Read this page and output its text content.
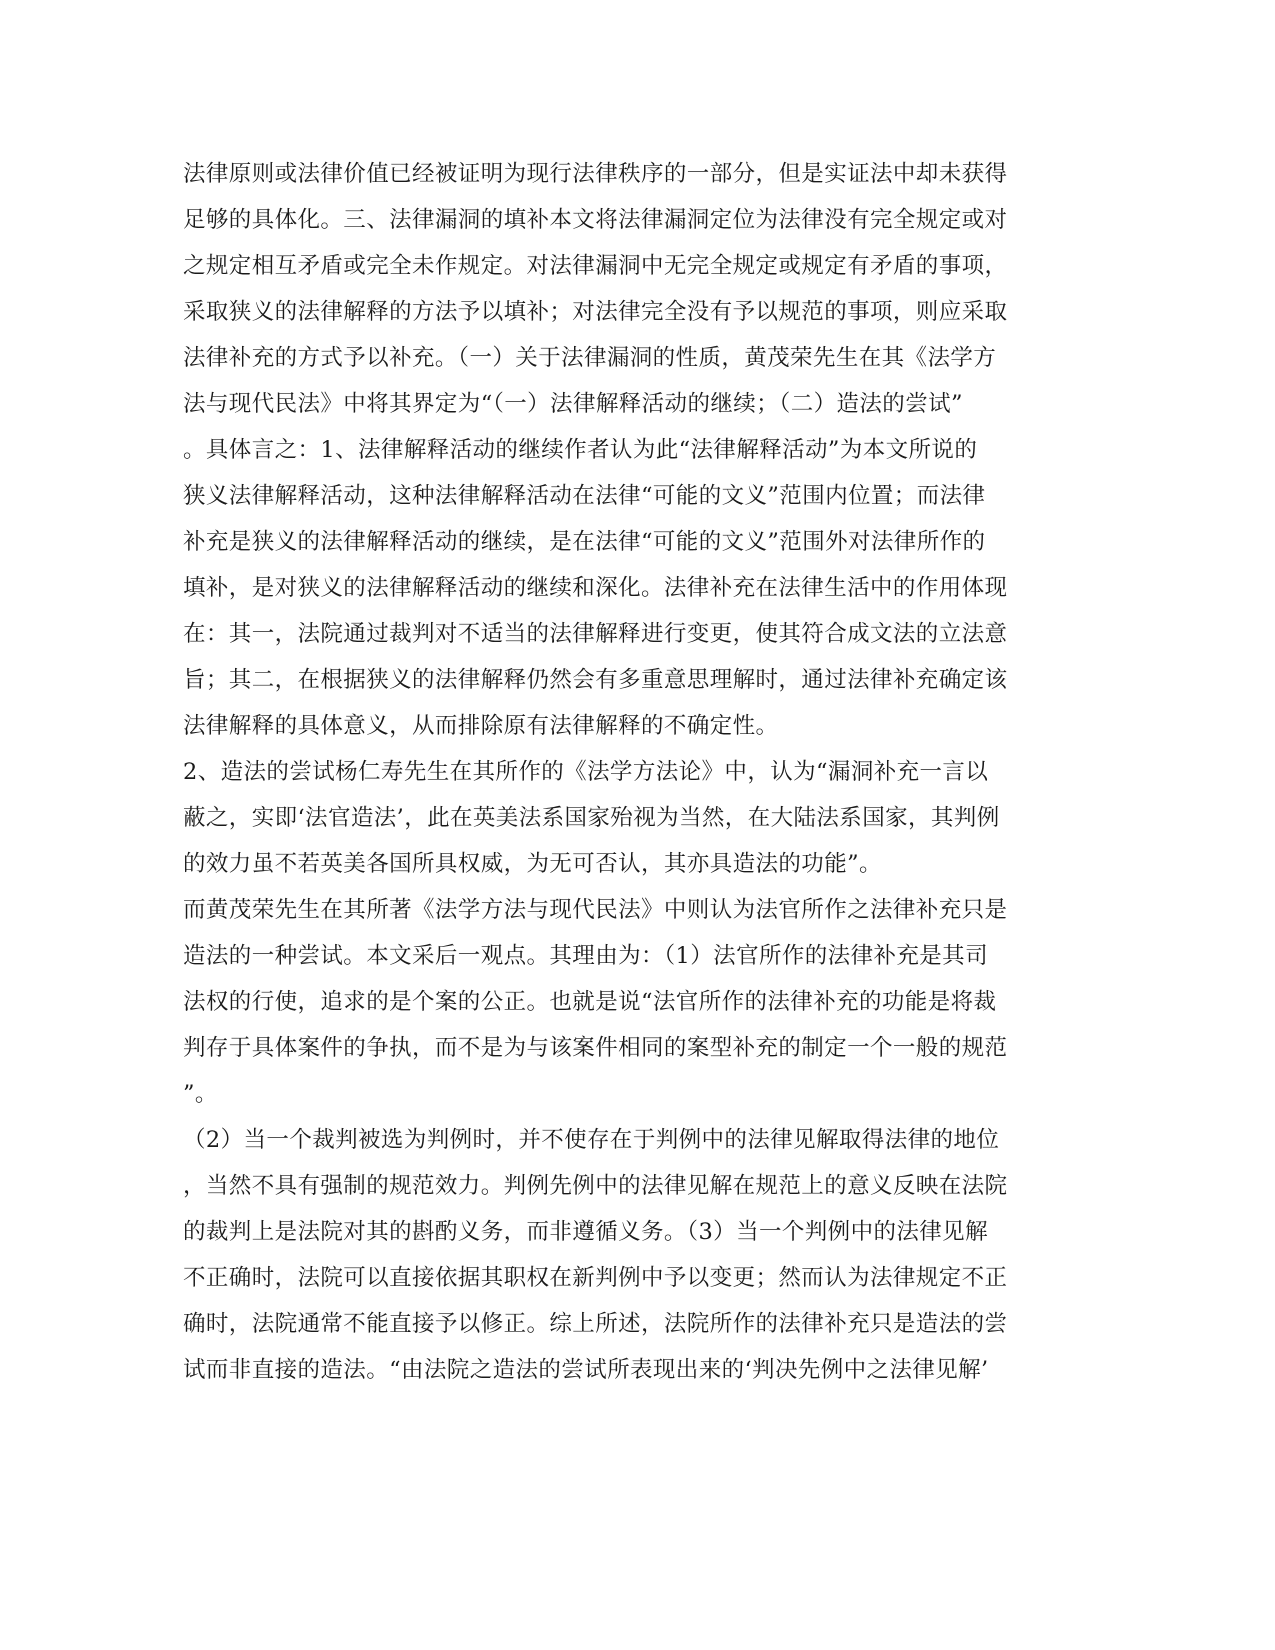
法律原则或法律价值已经被证明为现行法律秩序的一部分，但是实证法中却未获得
足够的具体化。三、法律漏洞的填补本文将法律漏洞定位为法律没有完全规定或对
之规定相互矛盾或完全未作规定。对法律漏洞中无完全规定或规定有矛盾的事项，
采取狭义的法律解释的方法予以填补；对法律完全没有予以规范的事项，则应采取
法律补充的方式予以补充。（一）关于法律漏洞的性质，黄茂荣先生在其《法学方
法与现代民法》中将其界定为“（一）法律解释活动的继续；（二）造法的尝试”
。具体言之：1、法律解释活动的继续作者认为此“法律解释活动”为本文所说的
狭义法律解释活动，这种法律解释活动在法律“可能的文义”范围内位置；而法律
补充是狭义的法律解释活动的继续，是在法律“可能的文义”范围外对法律所作的
填补，是对狭义的法律解释活动的继续和深化。法律补充在法律生活中的作用体现
在：其一，法院通过裁判对不适当的法律解释进行变更，使其符合成文法的立法意
旨；其二，在根据狭义的法律解释仍然会有多重意思理解时，通过法律补充确定该
法律解释的具体意义，从而排除原有法律解释的不确定性。
2、造法的尝试杨仁寿先生在其所作的《法学方法论》中，认为“漏洞补充一言以
蔽之，实即‘法官造法’，此在英美法系国家殆视为当然，在大陆法系国家，其判例
的效力虽不若英美各国所具权威，为无可否认，其亦具造法的功能”。
而黄茂荣先生在其所著《法学方法与现代民法》中则认为法官所作之法律补充只是
造法的一种尝试。本文采后一观点。其理由为：（1）法官所作的法律补充是其司
法权的行使，追求的是个案的公正。也就是说“法官所作的法律补充的功能是将裁
判存于具体案件的争执，而不是为与该案件相同的案型补充的制定一个一般的规范
”。
（2）当一个裁判被选为判例时，并不使存在于判例中的法律见解取得法律的地位
，当然不具有强制的规范效力。判例先例中的法律见解在规范上的意义反映在法院
的裁判上是法院对其的斟酌义务，而非遵循义务。（3）当一个判例中的法律见解
不正确时，法院可以直接依据其职权在新判例中予以变更；然而认为法律规定不正
确时，法院通常不能直接予以修正。综上所述，法院所作的法律补充只是造法的尝
试而非直接的造法。“由法院之造法的尝试所表现出来的‘判决先例中之法律见解’
